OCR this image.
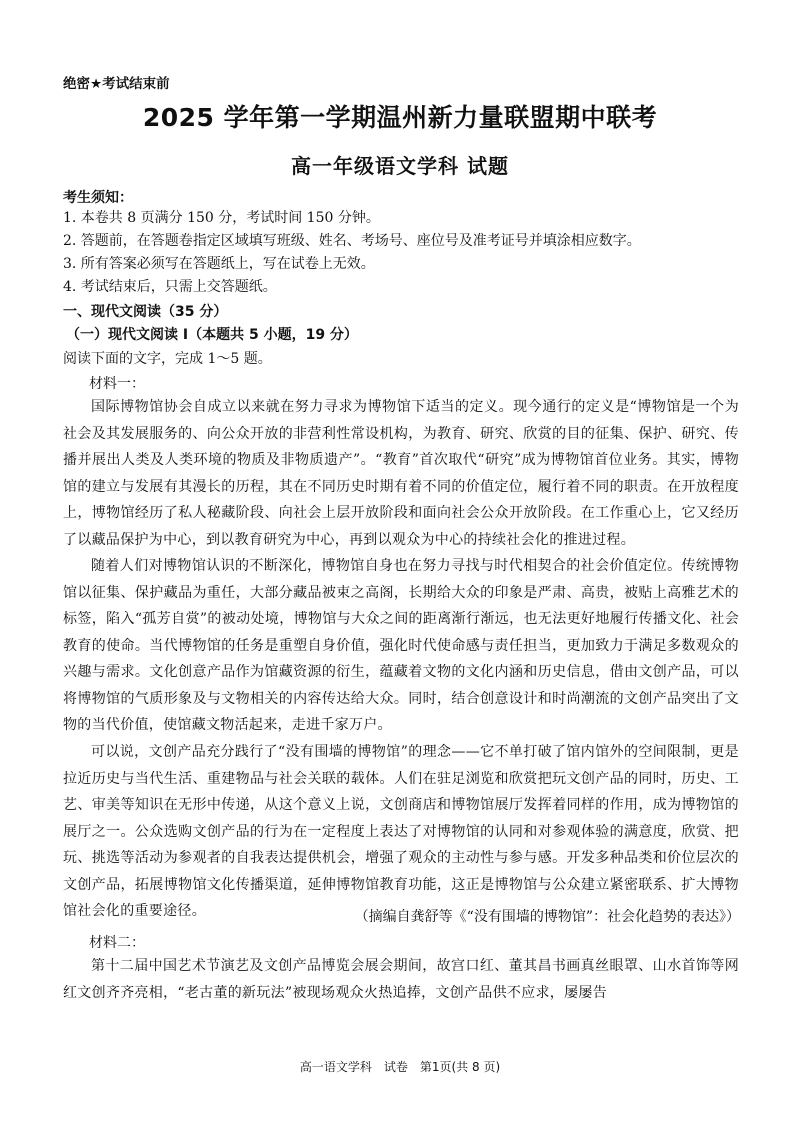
绝密★考试结束前
2025 学年第一学期温州新力量联盟期中联考
高一年级语文学科 试题
考生须知：
1. 本卷共 8 页满分 150 分，考试时间 150 分钟。
2. 答题前，在答题卷指定区域填写班级、姓名、考场号、座位号及准考证号并填涂相应数字。
3. 所有答案必须写在答题纸上，写在试卷上无效。
4. 考试结束后，只需上交答题纸。
一、现代文阅读（35 分）
（一）现代文阅读 I（本题共 5 小题，19 分）
阅读下面的文字，完成 1～5 题。
材料一：
国际博物馆协会自成立以来就在努力寻求为博物馆下适当的定义。现今通行的定义是“博物馆是一个为社会及其发展服务的、向公众开放的非营利性常设机构，为教育、研究、欣赏的目的征集、保护、研究、传播并展出人类及人类环境的物质及非物质遗产”。“教育”首次取代“研究”成为博物馆首位业务。其实，博物馆的建立与发展有其漫长的历程，其在不同历史时期有着不同的价值定位，履行着不同的职责。在开放程度上，博物馆经历了私人秘藏阶段、向社会上层开放阶段和面向社会公众开放阶段。在工作重心上，它又经历了以藏品保护为中心，到以教育研究为中心，再到以观众为中心的持续社会化的推进过程。
随着人们对博物馆认识的不断深化，博物馆自身也在努力寻找与时代相契合的社会价值定位。传统博物馆以征集、保护藏品为重任，大部分藏品被束之高阁，长期给大众的印象是严肃、高贵，被贴上高雅艺术的标签，陷入“孤芳自赏”的被动处境，博物馆与大众之间的距离渐行渐远，也无法更好地履行传播文化、社会教育的使命。当代博物馆的任务是重塑自身价值，强化时代使命感与责任担当，更加致力于满足多数观众的兴趣与需求。文化创意产品作为馆藏资源的衍生，蕴藏着文物的文化内涵和历史信息，借由文创产品，可以将博物馆的气质形象及与文物相关的内容传达给大众。同时，结合创意设计和时尚潮流的文创产品突出了文物的当代价值，使馆藏文物活起来，走进千家万户。
可以说，文创产品充分践行了“没有围墙的博物馆”的理念——它不单打破了馆内馆外的空间限制，更是拉近历史与当代生活、重建物品与社会关联的载体。人们在驻足浏览和欣赏把玩文创产品的同时，历史、工艺、审美等知识在无形中传递，从这个意义上说，文创商店和博物馆展厅发挥着同样的作用，成为博物馆的展厅之一。公众选购文创产品的行为在一定程度上表达了对博物馆的认同和对参观体验的满意度，欣赏、把玩、挑选等活动为参观者的自我表达提供机会，增强了观众的主动性与参与感。开发多种品类和价位层次的文创产品，拓展博物馆文化传播渠道，延伸博物馆教育功能，这正是博物馆与公众建立紧密联系、扩大博物馆社会化的重要途径。	（摘编自龚舒等《“没有围墙的博物馆”：社会化趋势的表达》）
材料二：
第十二届中国艺术节演艺及文创产品博览会展会期间，故宫口红、董其昌书画真丝眼罩、山水首饰等网红文创齐齐亮相，“老古董的新玩法”被现场观众火热追捧，文创产品供不应求，屡屡告
高一语文学科　试卷　第1页(共 8 页)
